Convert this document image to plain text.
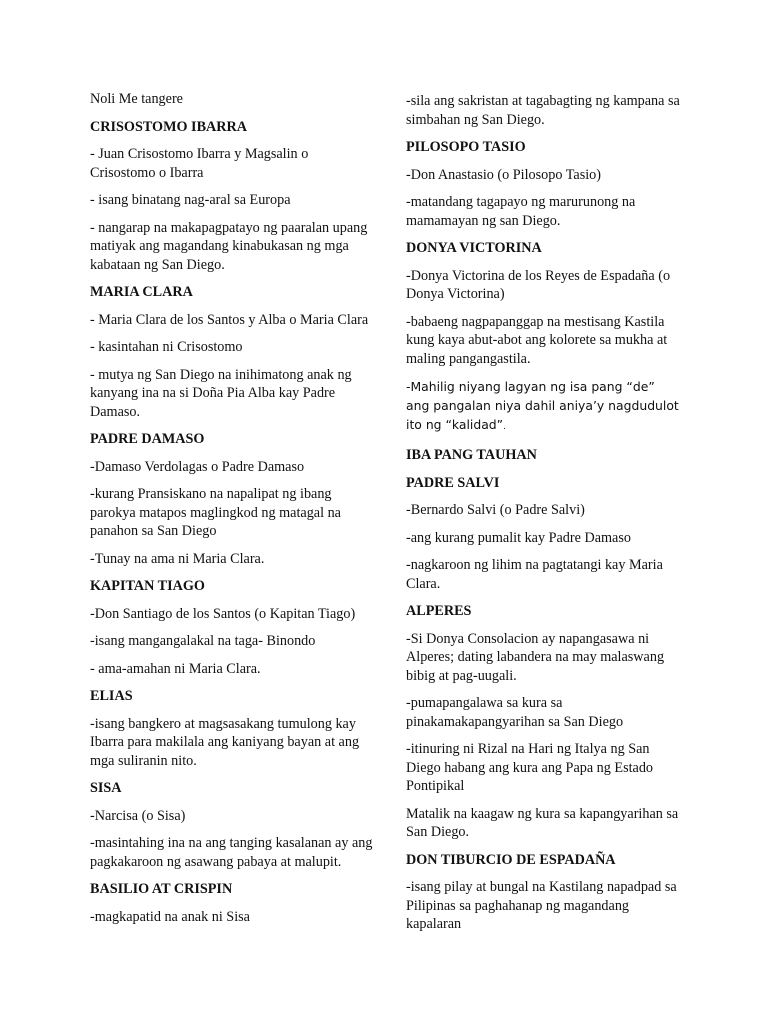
Noli Me tangere
CRISOSTOMO IBARRA
- Juan Crisostomo Ibarra y Magsalin o Crisostomo o Ibarra
- isang binatang nag-aral sa Europa
- nangarap na makapagpatayo ng paaralan upang matiyak ang magandang kinabukasan ng mga kabataan ng San Diego.
MARIA CLARA
- Maria Clara de los Santos y Alba o Maria Clara
- kasintahan ni Crisostomo
- mutya ng San Diego na inihimatong anak ng kanyang ina na si Doña Pia Alba kay Padre Damaso.
PADRE DAMASO
-Damaso Verdolagas o Padre Damaso
-kurang Pransiskano na napalipat ng ibang parokya matapos maglingkod ng matagal na panahon sa San Diego
-Tunay na ama ni Maria Clara.
KAPITAN TIAGO
-Don Santiago de los Santos (o Kapitan Tiago)
-isang mangangalakal na taga- Binondo
- ama-amahan ni Maria Clara.
ELIAS
-isang bangkero at magsasakang tumulong kay Ibarra para makilala ang kaniyang bayan at ang mga suliranin nito.
SISA
-Narcisa (o Sisa)
-masintahing ina na ang tanging kasalanan ay ang pagkakaroon ng asawang pabaya at malupit.
BASILIO AT CRISPIN
-magkapatid na anak ni Sisa
-sila ang sakristan at tagabagting ng kampana sa simbahan ng San Diego.
PILOSOPO TASIO
-Don Anastasio (o Pilosopo Tasio)
-matandang tagapayo ng marurunong na mamamayan ng san Diego.
DONYA VICTORINA
-Donya Victorina de los Reyes de Espadaña (o Donya Victorina)
-babaeng nagpapanggap na mestisang Kastila kung kaya abut-abot ang kolorete sa mukha at maling pangangastila.
-Mahilig niyang lagyan ng isa pang “de” ang pangalan niya dahil aniya’y nagdudulot ito ng “kalidad”.
IBA PANG TAUHAN
PADRE SALVI
-Bernardo Salvi (o Padre Salvi)
-ang kurang pumalit kay Padre Damaso
-nagkaroon ng lihim na pagtatangi kay Maria Clara.
ALPERES
-Si Donya Consolacion ay napangasawa ni Alperes; dating labandera na may malaswang bibig at pag-uugali.
-pumapangalawa sa kura sa pinakamakapangyarihan sa San Diego
-itinuring ni Rizal na Hari ng Italya ng San Diego habang ang kura ang Papa ng Estado Pontipikal
Matalik na kaagaw ng kura sa kapangyarihan sa San Diego.
DON TIBURCIO DE ESPADAÑA
-isang pilay at bungal na Kastilang napadpad sa Pilipinas sa paghahanap ng magandang kapalaran
